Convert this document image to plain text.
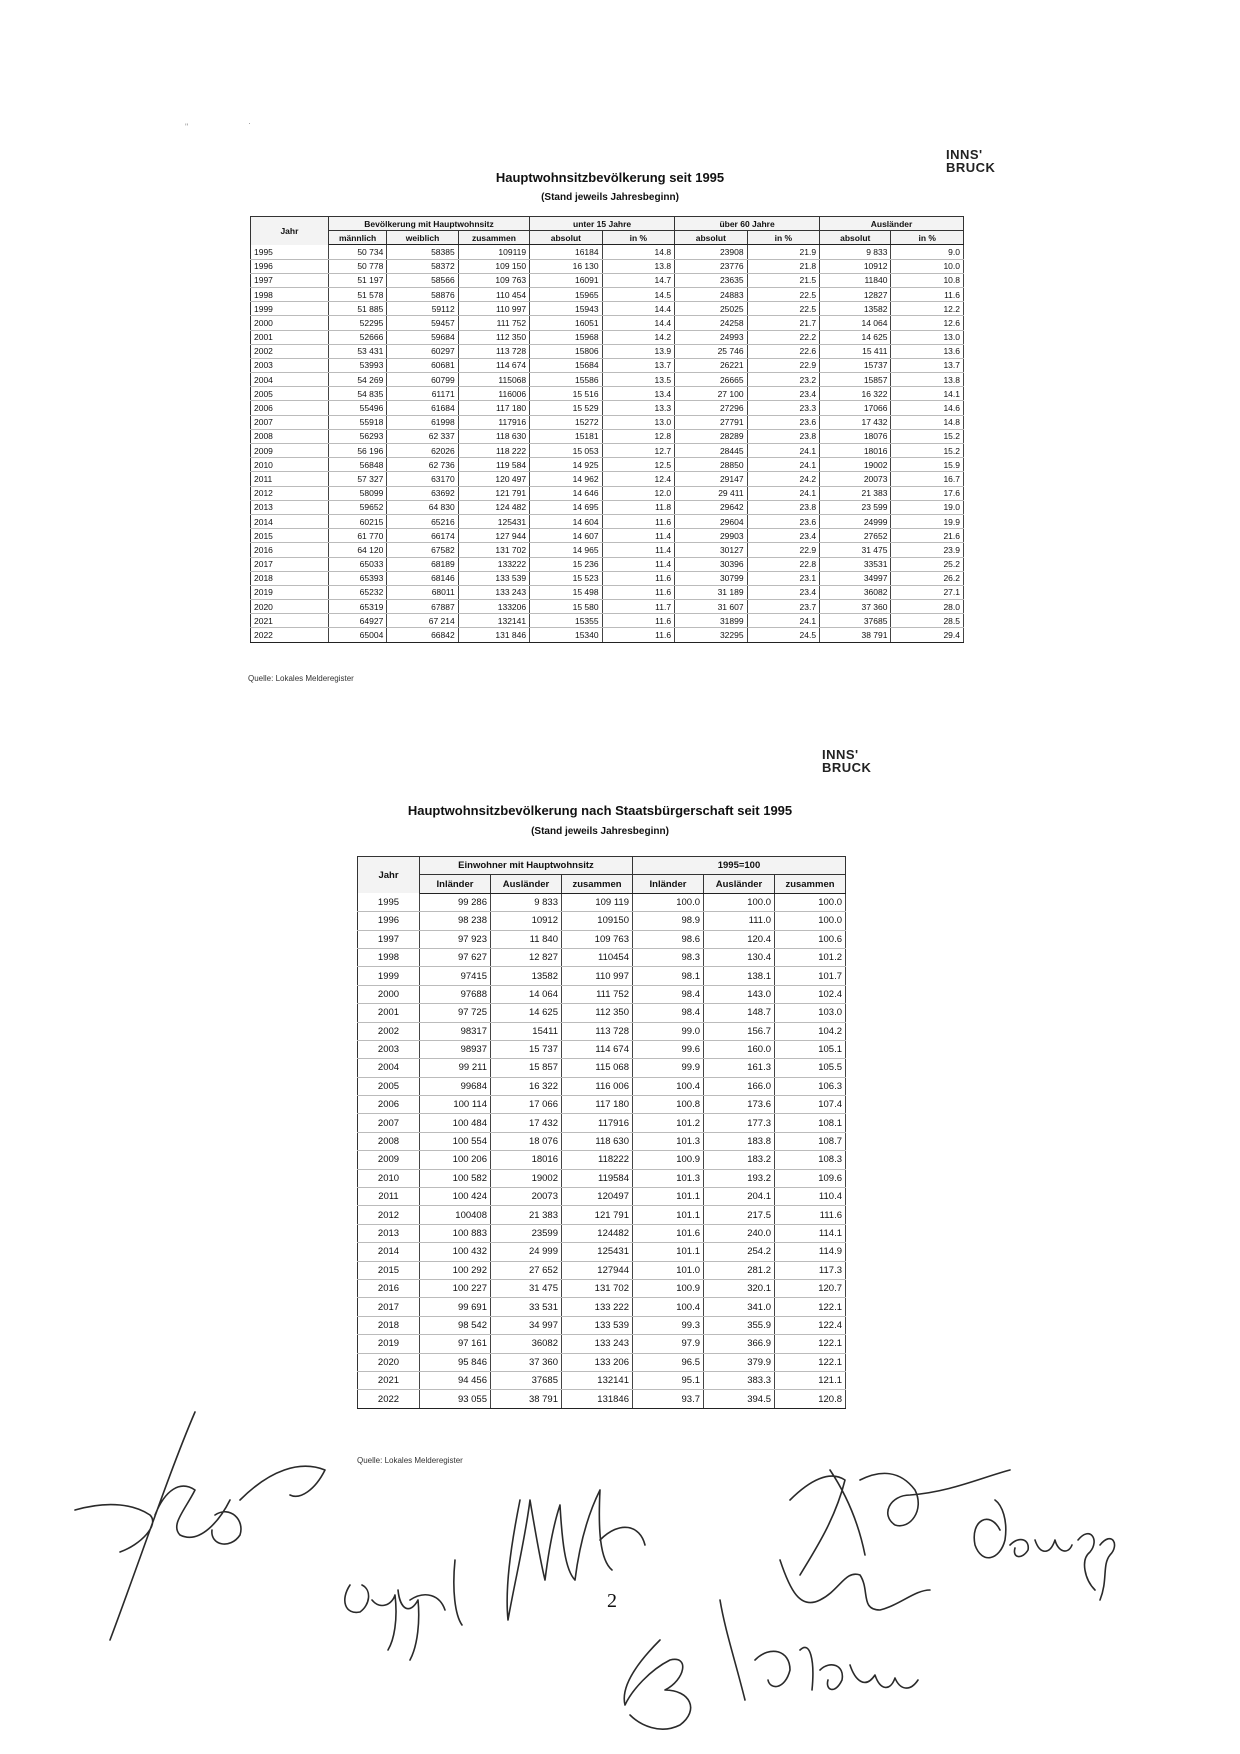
"	·
INNS'
BRUCK
Hauptwohnsitzbevölkerung seit 1995
(Stand jeweils Jahresbeginn)
Jahr	Bevölkerung mit Hauptwohnsitz			unter 15 Jahre		über 60 Jahre		Ausländer	
	männlich	weiblich	zusammen	absolut	in %	absolut	in %	absolut	in %
1995	50 734	58385	109119	16184	14.8	23908	21.9	9 833	9.0
1996	50 778	58372	109 150	16 130	13.8	23776	21.8	10912	10.0
1997	51 197	58566	109 763	16091	14.7	23635	21.5	11840	10.8
1998	51 578	58876	110 454	15965	14.5	24883	22.5	12827	11.6
1999	51 885	59112	110 997	15943	14.4	25025	22.5	13582	12.2
2000	52295	59457	111 752	16051	14.4	24258	21.7	14 064	12.6
2001	52666	59684	112 350	15968	14.2	24993	22.2	14 625	13.0
2002	53 431	60297	113 728	15806	13.9	25 746	22.6	15 411	13.6
2003	53993	60681	114 674	15684	13.7	26221	22.9	15737	13.7
2004	54 269	60799	115068	15586	13.5	26665	23.2	15857	13.8
2005	54 835	61171	116006	15 516	13.4	27 100	23.4	16 322	14.1
2006	55496	61684	117 180	15 529	13.3	27296	23.3	17066	14.6
2007	55918	61998	117916	15272	13.0	27791	23.6	17 432	14.8
2008	56293	62 337	118 630	15181	12.8	28289	23.8	18076	15.2
2009	56 196	62026	118 222	15 053	12.7	28445	24.1	18016	15.2
2010	56848	62 736	119 584	14 925	12.5	28850	24.1	19002	15.9
2011	57 327	63170	120 497	14 962	12.4	29147	24.2	20073	16.7
2012	58099	63692	121 791	14 646	12.0	29 411	24.1	21 383	17.6
2013	59652	64 830	124 482	14 695	11.8	29642	23.8	23 599	19.0
2014	60215	65216	125431	14 604	11.6	29604	23.6	24999	19.9
2015	61 770	66174	127 944	14 607	11.4	29903	23.4	27652	21.6
2016	64 120	67582	131 702	14 965	11.4	30127	22.9	31 475	23.9
2017	65033	68189	133222	15 236	11.4	30396	22.8	33531	25.2
2018	65393	68146	133 539	15 523	11.6	30799	23.1	34997	26.2
2019	65232	68011	133 243	15 498	11.6	31 189	23.4	36082	27.1
2020	65319	67887	133206	15 580	11.7	31 607	23.7	37 360	28.0
2021	64927	67 214	132141	15355	11.6	31899	24.1	37685	28.5
2022	65004	66842	131 846	15340	11.6	32295	24.5	38 791	29.4
Quelle: Lokales Melderegister
INNS'
BRUCK
Hauptwohnsitzbevölkerung nach Staatsbürgerschaft seit 1995
(Stand jeweils Jahresbeginn)
Jahr	Einwohner mit Hauptwohnsitz			1995=100		
	Inländer	Ausländer	zusammen	Inländer	Ausländer	zusammen
1995	99 286	9 833	109 119	100.0	100.0	100.0
1996	98 238	10912	109150	98.9	111.0	100.0
1997	97 923	11 840	109 763	98.6	120.4	100.6
1998	97 627	12 827	110454	98.3	130.4	101.2
1999	97415	13582	110 997	98.1	138.1	101.7
2000	97688	14 064	111 752	98.4	143.0	102.4
2001	97 725	14 625	112 350	98.4	148.7	103.0
2002	98317	15411	113 728	99.0	156.7	104.2
2003	98937	15 737	114 674	99.6	160.0	105.1
2004	99 211	15 857	115 068	99.9	161.3	105.5
2005	99684	16 322	116 006	100.4	166.0	106.3
2006	100 114	17 066	117 180	100.8	173.6	107.4
2007	100 484	17 432	117916	101.2	177.3	108.1
2008	100 554	18 076	118 630	101.3	183.8	108.7
2009	100 206	18016	118222	100.9	183.2	108.3
2010	100 582	19002	119584	101.3	193.2	109.6
2011	100 424	20073	120497	101.1	204.1	110.4
2012	100408	21 383	121 791	101.1	217.5	111.6
2013	100 883	23599	124482	101.6	240.0	114.1
2014	100 432	24 999	125431	101.1	254.2	114.9
2015	100 292	27 652	127944	101.0	281.2	117.3
2016	100 227	31 475	131 702	100.9	320.1	120.7
2017	99 691	33 531	133 222	100.4	341.0	122.1
2018	98 542	34 997	133 539	99.3	355.9	122.4
2019	97 161	36082	133 243	97.9	366.9	122.1
2020	95 846	37 360	133 206	96.5	379.9	122.1
2021	94 456	37685	132141	95.1	383.3	121.1
2022	93 055	38 791	131846	93.7	394.5	120.8
Quelle: Lokales Melderegister
2
